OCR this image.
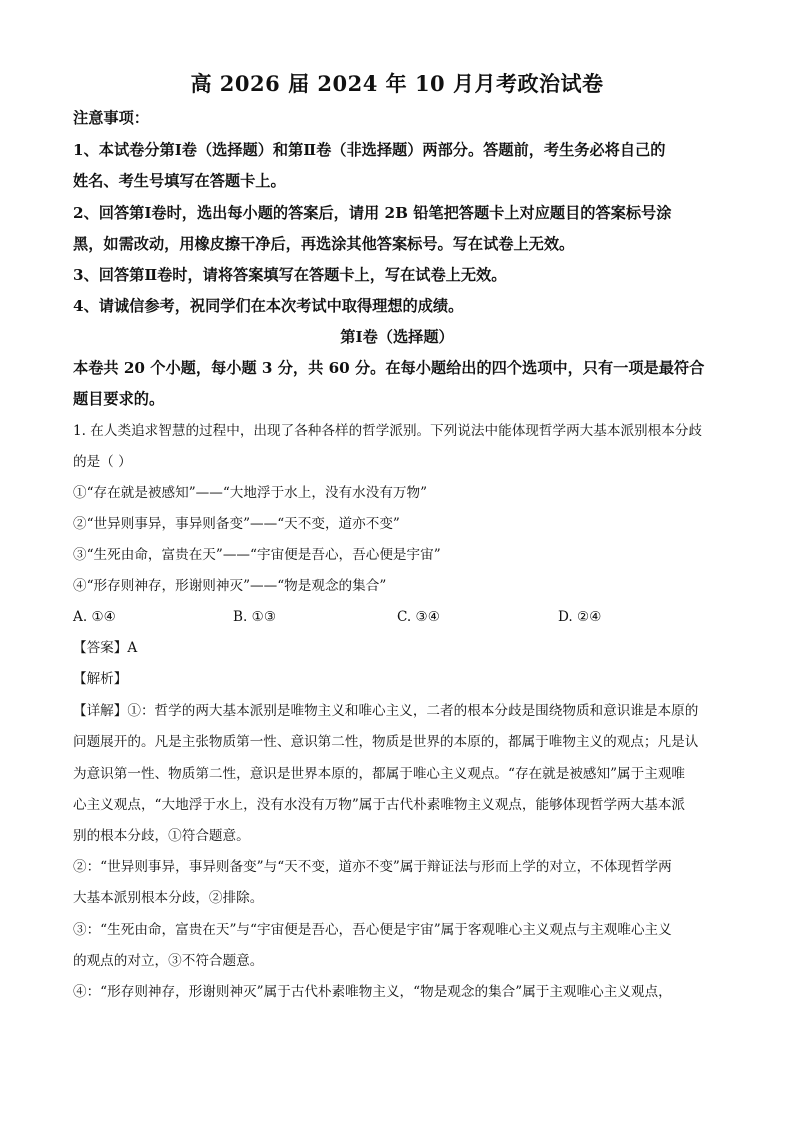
高 2026 届 2024 年 10 月月考政治试卷
注意事项：
1、本试卷分第Ⅰ卷（选择题）和第Ⅱ卷（非选择题）两部分。答题前，考生务必将自己的
姓名、考生号填写在答题卡上。
2、回答第Ⅰ卷时，选出每小题的答案后，请用 2B 铅笔把答题卡上对应题目的答案标号涂
黑，如需改动，用橡皮擦干净后，再选涂其他答案标号。写在试卷上无效。
3、回答第Ⅱ卷时，请将答案填写在答题卡上，写在试卷上无效。
4、请诚信参考，祝同学们在本次考试中取得理想的成绩。
第Ⅰ卷（选择题）
本卷共 20 个小题，每小题 3 分，共 60 分。在每小题给出的四个选项中，只有一项是最符合
题目要求的。
1. 在人类追求智慧的过程中，出现了各种各样的哲学派别。下列说法中能体现哲学两大基本派别根本分歧
的是（ ）
①“存在就是被感知”——“大地浮于水上，没有水没有万物”
②“世异则事异，事异则备变”——“天不变，道亦不变”
③“生死由命，富贵在天”——“宇宙便是吾心，吾心便是宇宙”
④“形存则神存，形谢则神灭”——“物是观念的集合”
A. ①④	B. ①③	C. ③④	D. ②④
【答案】A
【解析】
【详解】①：哲学的两大基本派别是唯物主义和唯心主义，二者的根本分歧是围绕物质和意识谁是本原的
问题展开的。凡是主张物质第一性、意识第二性，物质是世界的本原的，都属于唯物主义的观点；凡是认
为意识第一性、物质第二性，意识是世界本原的，都属于唯心主义观点。“存在就是被感知”属于主观唯
心主义观点，“大地浮于水上，没有水没有万物”属于古代朴素唯物主义观点，能够体现哲学两大基本派
别的根本分歧，①符合题意。
②：“世异则事异，事异则备变”与“天不变，道亦不变”属于辩证法与形而上学的对立，不体现哲学两
大基本派别根本分歧，②排除。
③：“生死由命，富贵在天”与“宇宙便是吾心，吾心便是宇宙”属于客观唯心主义观点与主观唯心主义
的观点的对立，③不符合题意。
④：“形存则神存，形谢则神灭”属于古代朴素唯物主义，“物是观念的集合”属于主观唯心主义观点，
